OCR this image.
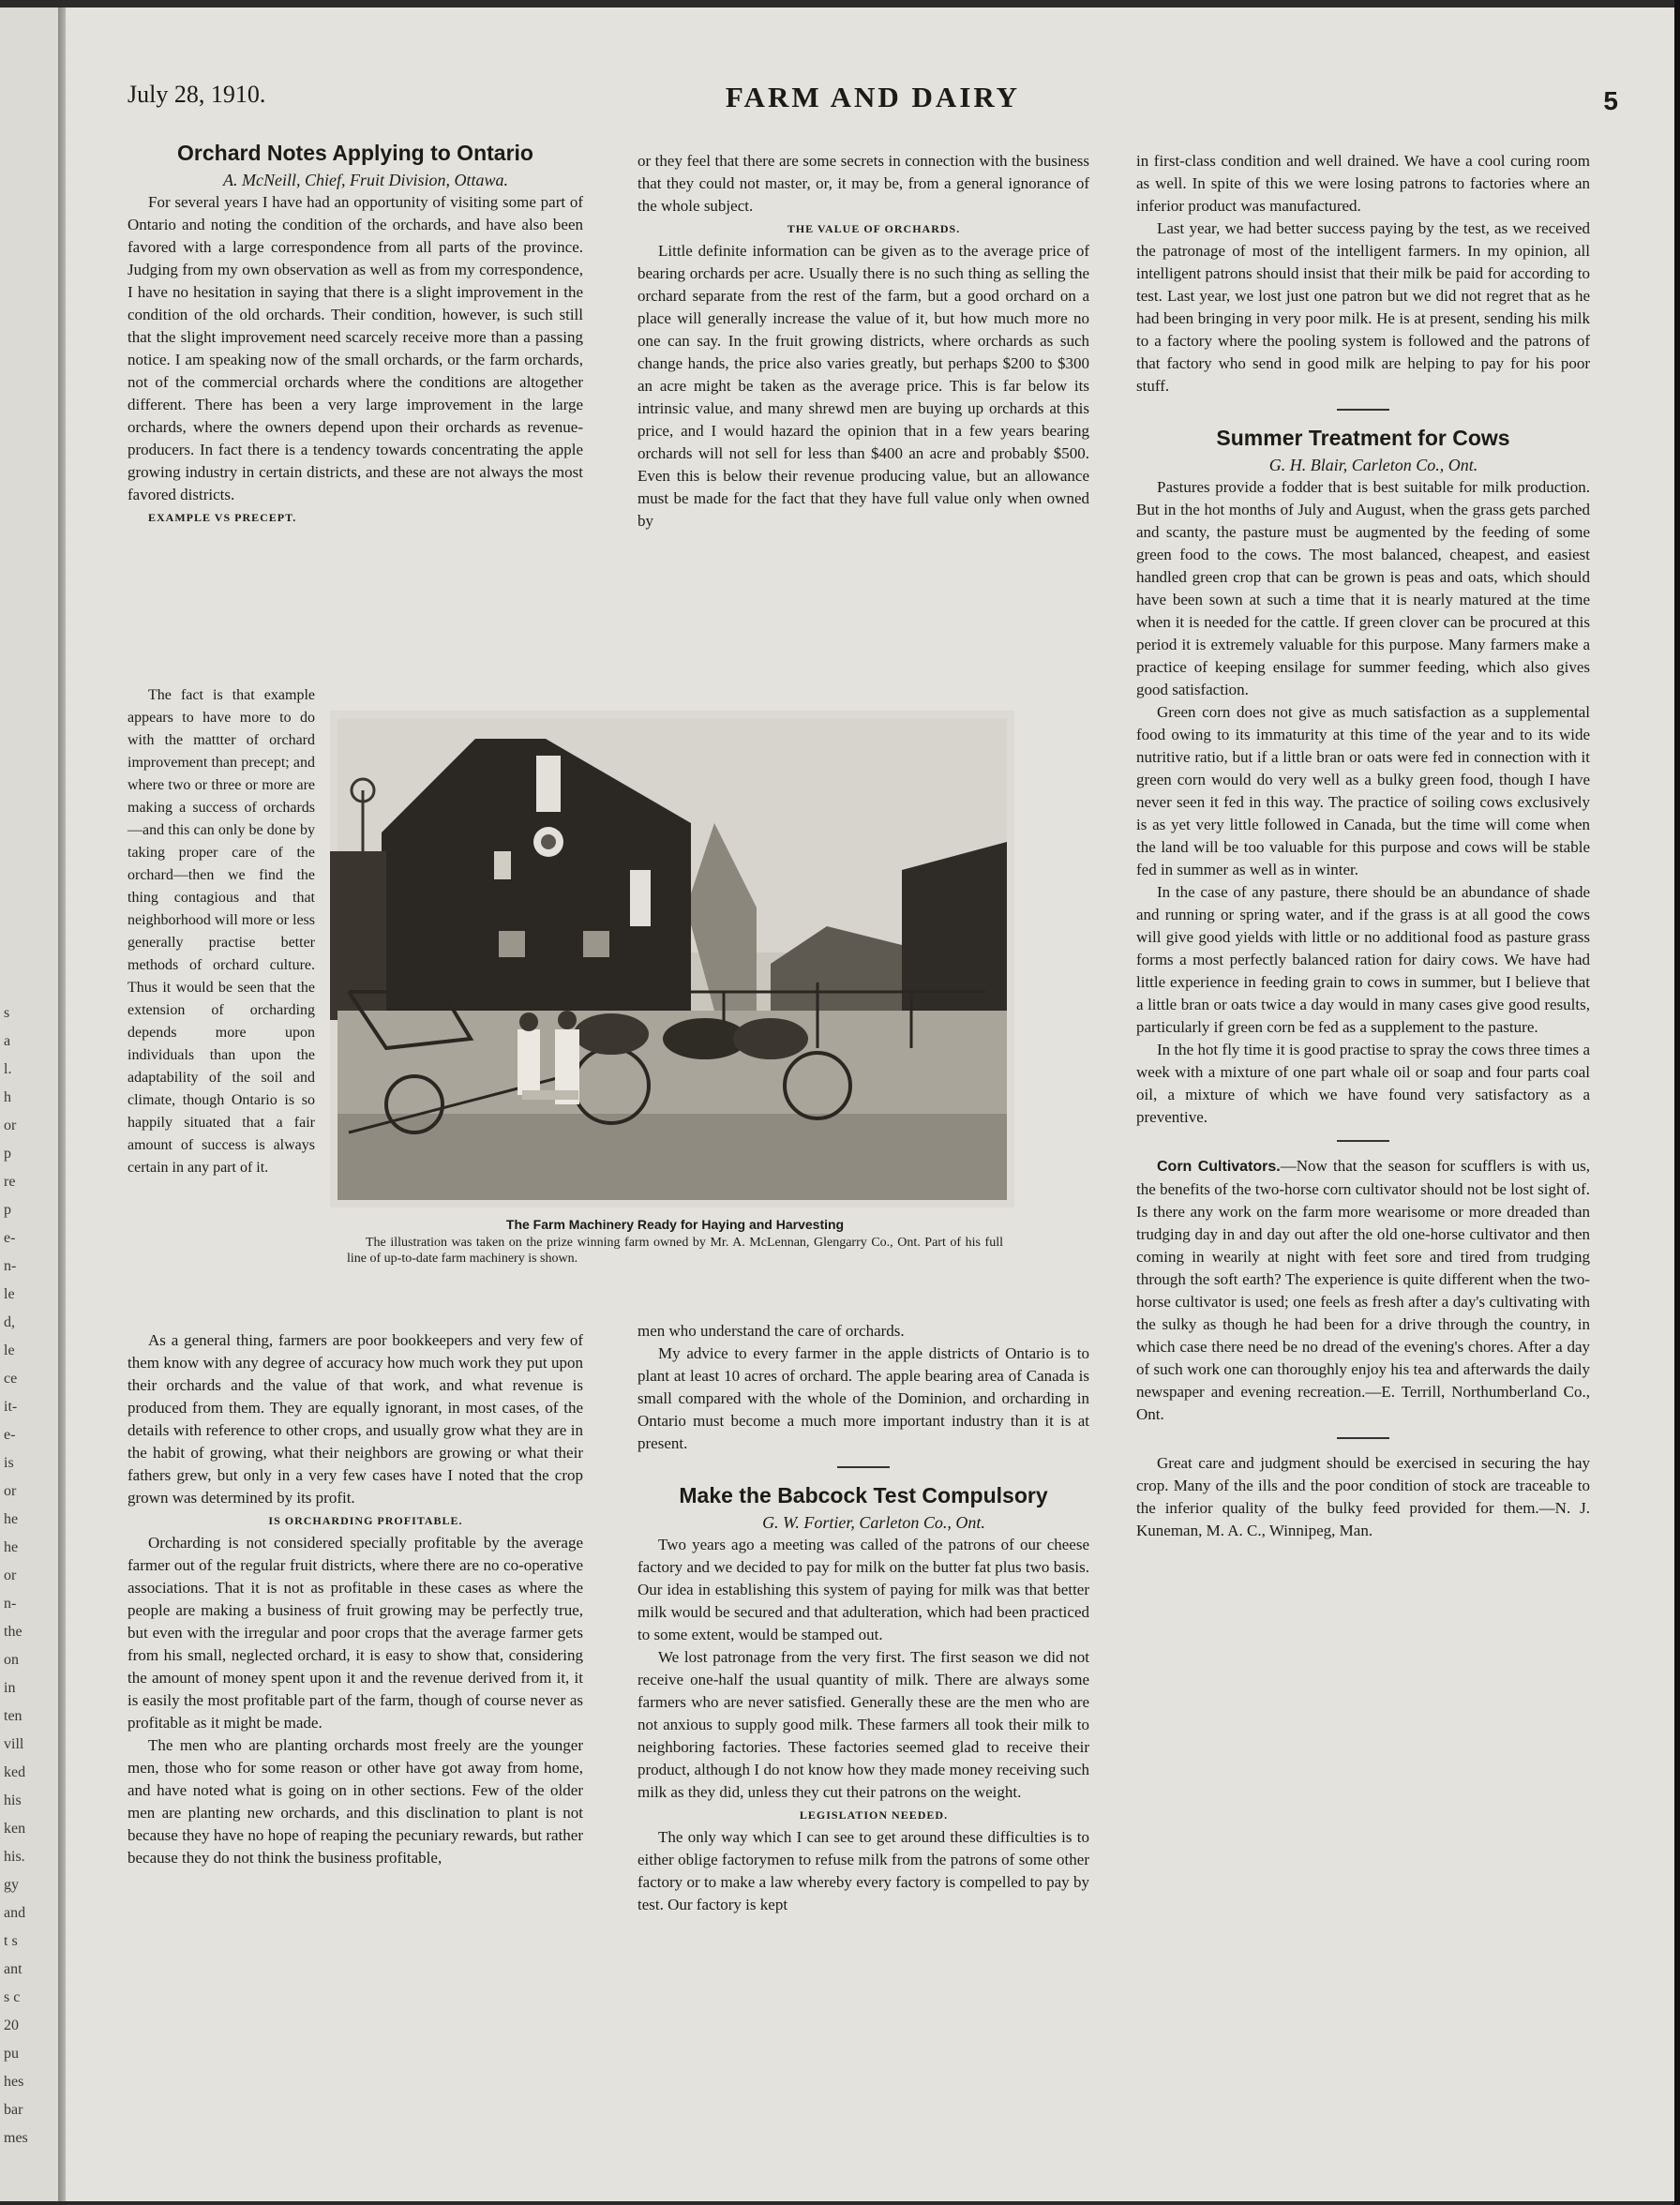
s
a
l.
h
or
p
re
p
e-
n-
le
d,
le
ce
it-
e-
is
or
he
he
or
n-
the
on
in
ten
vill
ked
his
ken
his.
gy
and
t s
ant
s c
20
pu
hes
bar
mes
July 28, 1910.	FARM AND DAIRY	5
Orchard Notes Applying to Ontario

A. McNeill, Chief, Fruit Division, Ottawa.

For several years I have had an opportunity of visiting some part of Ontario and noting the condition of the orchards, and have also been favored with a large correspondence from all parts of the province. Judging from my own observation as well as from my correspondence, I have no hesitation in saying that there is a slight improvement in the condition of the old orchards. Their condition, however, is such still that the slight improvement need scarcely receive more than a passing notice. I am speaking now of the small orchards, or the farm orchards, not of the commercial orchards where the conditions are altogether different. There has been a very large improvement in the large orchards, where the owners depend upon their orchards as revenue-producers. In fact there is a tendency towards concentrating the apple growing industry in certain districts, and these are not always the most favored districts.

EXAMPLE VS PRECEPT.

The fact is that example appears to have more to do with the mattter of orchard improvement than precept; and where two or three or more are making a success of orchards—and this can only be done by taking proper care of the orchard—then we find the thing contagious and that neighborhood will more or less generally practise better methods of orchard culture. Thus it would be seen that the extension of orcharding depends more upon individuals than upon the adaptability of the soil and climate, though Ontario is so happily situated that a fair amount of success is always certain in any part of it.

As a general thing, farmers are poor bookkeepers and very few of them know with any degree of accuracy how much work they put upon their orchards and the value of that work, and what revenue is produced from them. They are equally ignorant, in most cases, of the details with reference to other crops, and usually grow what they are in the habit of growing, what their neighbors are growing or what their fathers grew, but only in a very few cases have I noted that the crop grown was determined by its profit.

IS ORCHARDING PROFITABLE.

Orcharding is not considered specially profitable by the average farmer out of the regular fruit districts, where there are no co-operative associations. That it is not as profitable in these cases as where the people are making a business of fruit growing may be perfectly true, but even with the irregular and poor crops that the average farmer gets from his small, neglected orchard, it is easy to show that, considering the amount of money spent upon it and the revenue derived from it, it is easily the most profitable part of the farm, though of course never as profitable as it might be made.

The men who are planting orchards most freely are the younger men, those who for some reason or other have got away from home, and have noted what is going on in other sections. Few of the older men are planting new orchards, and this disclination to plant is not because they have no hope of reaping the pecuniary rewards, but rather because they do not think the business profitable,

or they feel that there are some secrets in connection with the business that they could not master, or, it may be, from a general ignorance of the whole subject.

THE VALUE OF ORCHARDS.

Little definite information can be given as to the average price of bearing orchards per acre. Usually there is no such thing as selling the orchard separate from the rest of the farm, but a good orchard on a place will generally increase the value of it, but how much more no one can say. In the fruit growing districts, where orchards as such change hands, the price also varies greatly, but perhaps $200 to $300 an acre might be taken as the average price. This is far below its intrinsic value, and many shrewd men are buying up orchards at this price, and I would hazard the opinion that in a few years bearing orchards will not sell for less than $400 an acre and probably $500. Even this is below their revenue producing value, but an allowance must be made for the fact that they have full value only when owned by

The Farm Machinery Ready for Haying and Harvesting
The illustration was taken on the prize winning farm owned by Mr. A. McLennan, Glengarry Co., Ont. Part of his full line of up-to-date farm machinery is shown.

men who understand the care of orchards.

My advice to every farmer in the apple districts of Ontario is to plant at least 10 acres of orchard. The apple bearing area of Canada is small compared with the whole of the Dominion, and orcharding in Ontario must become a much more important industry than it is at present.

Make the Babcock Test Compulsory

G. W. Fortier, Carleton Co., Ont.

Two years ago a meeting was called of the patrons of our cheese factory and we decided to pay for milk on the butter fat plus two basis. Our idea in establishing this system of paying for milk was that better milk would be secured and that adulteration, which had been practiced to some extent, would be stamped out.

We lost patronage from the very first. The first season we did not receive one-half the usual quantity of milk. There are always some farmers who are never satisfied. Generally these are the men who are not anxious to supply good milk. These farmers all took their milk to neighboring factories. These factories seemed glad to receive their product, although I do not know how they made money receiving such milk as they did, unless they cut their patrons on the weight.

LEGISLATION NEEDED.

The only way which I can see to get around these difficulties is to either oblige factorymen to refuse milk from the patrons of some other factory or to make a law whereby every factory is compelled to pay by test. Our factory is kept

in first-class condition and well drained. We have a cool curing room as well. In spite of this we were losing patrons to factories where an inferior product was manufactured.

Last year, we had better success paying by the test, as we received the patronage of most of the intelligent farmers. In my opinion, all intelligent patrons should insist that their milk be paid for according to test. Last year, we lost just one patron but we did not regret that as he had been bringing in very poor milk. He is at present, sending his milk to a factory where the pooling system is followed and the patrons of that factory who send in good milk are helping to pay for his poor stuff.

Summer Treatment for Cows

G. H. Blair, Carleton Co., Ont.

Pastures provide a fodder that is best suitable for milk production. But in the hot months of July and August, when the grass gets parched and scanty, the pasture must be augmented by the feeding of some green food to the cows. The most balanced, cheapest, and easiest handled green crop that can be grown is peas and oats, which should have been sown at such a time that it is nearly matured at the time when it is needed for the cattle. If green clover can be procured at this period it is extremely valuable for this purpose. Many farmers make a practice of keeping ensilage for summer feeding, which also gives good satisfaction.

Green corn does not give as much satisfaction as a supplemental food owing to its immaturity at this time of the year and to its wide nutritive ratio, but if a little bran or oats were fed in connection with it green corn would do very well as a bulky green food, though I have never seen it fed in this way. The practice of soiling cows exclusively is as yet very little followed in Canada, but the time will come when the land will be too valuable for this purpose and cows will be stable fed in summer as well as in winter.

In the case of any pasture, there should be an abundance of shade and running or spring water, and if the grass is at all good the cows will give good yields with little or no additional food as pasture grass forms a most perfectly balanced ration for dairy cows. We have had little experience in feeding grain to cows in summer, but I believe that a little bran or oats twice a day would in many cases give good results, particularly if green corn be fed as a supplement to the pasture.

In the hot fly time it is good practise to spray the cows three times a week with a mixture of one part whale oil or soap and four parts coal oil, a mixture of which we have found very satisfactory as a preventive.

Corn Cultivators.—Now that the season for scufflers is with us, the benefits of the two-horse corn cultivator should not be lost sight of. Is there any work on the farm more wearisome or more dreaded than trudging day in and day out after the old one-horse cultivator and then coming in wearily at night with feet sore and tired from trudging through the soft earth? The experience is quite different when the two-horse cultivator is used; one feels as fresh after a day's cultivating with the sulky as though he had been for a drive through the country, in which case there need be no dread of the evening's chores. After a day of such work one can thoroughly enjoy his tea and afterwards the daily newspaper and evening recreation.—E. Terrill, Northumberland Co., Ont.

Great care and judgment should be exercised in securing the hay crop. Many of the ills and the poor condition of stock are traceable to the inferior quality of the bulky feed provided for them.—N. J. Kuneman, M. A. C., Winnipeg, Man.
